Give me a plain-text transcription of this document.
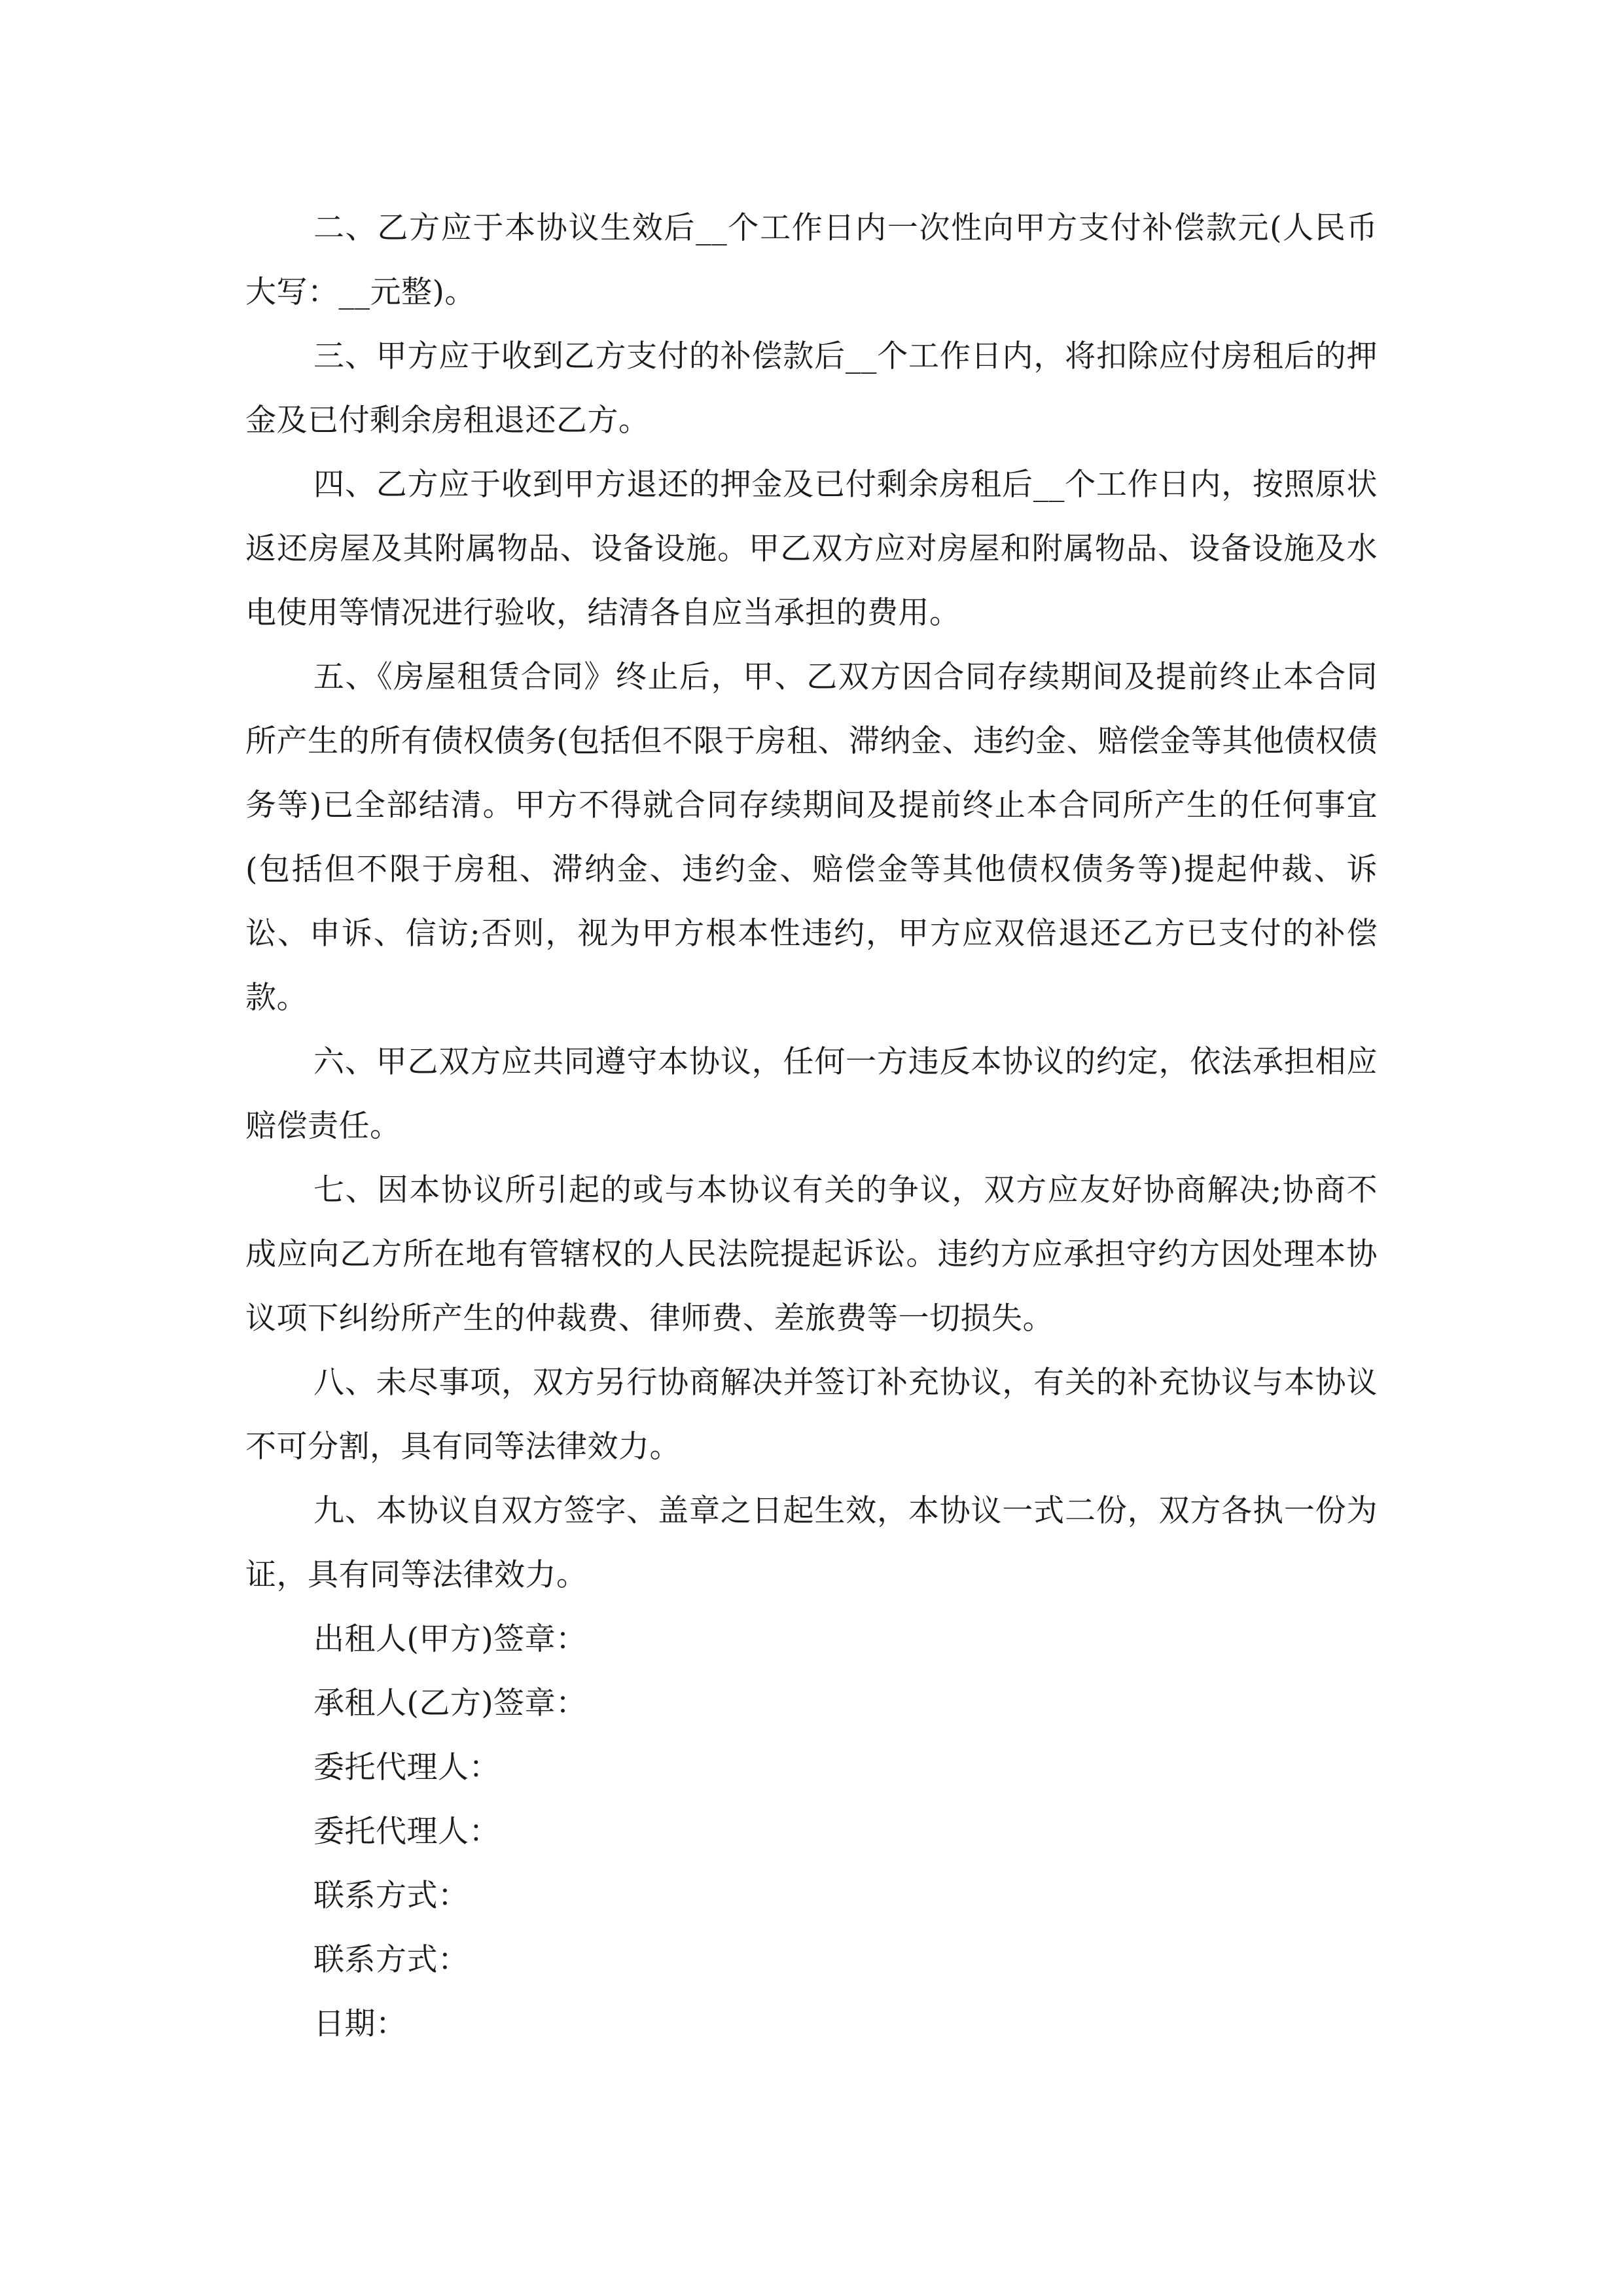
二、乙方应于本协议生效后__个工作日内一次性向甲方支付补偿款元(人民币大写：__元整)。

三、甲方应于收到乙方支付的补偿款后__个工作日内，将扣除应付房租后的押金及已付剩余房租退还乙方。

四、乙方应于收到甲方退还的押金及已付剩余房租后__个工作日内，按照原状返还房屋及其附属物品、设备设施。甲乙双方应对房屋和附属物品、设备设施及水电使用等情况进行验收，结清各自应当承担的费用。

五、《房屋租赁合同》终止后，甲、乙双方因合同存续期间及提前终止本合同所产生的所有债权债务(包括但不限于房租、滞纳金、违约金、赔偿金等其他债权债务等)已全部结清。甲方不得就合同存续期间及提前终止本合同所产生的任何事宜(包括但不限于房租、滞纳金、违约金、赔偿金等其他债权债务等)提起仲裁、诉讼、申诉、信访;否则，视为甲方根本性违约，甲方应双倍退还乙方已支付的补偿款。

六、甲乙双方应共同遵守本协议，任何一方违反本协议的约定，依法承担相应赔偿责任。

七、因本协议所引起的或与本协议有关的争议，双方应友好协商解决;协商不成应向乙方所在地有管辖权的人民法院提起诉讼。违约方应承担守约方因处理本协议项下纠纷所产生的仲裁费、律师费、差旅费等一切损失。

八、未尽事项，双方另行协商解决并签订补充协议，有关的补充协议与本协议不可分割，具有同等法律效力。

九、本协议自双方签字、盖章之日起生效，本协议一式二份，双方各执一份为证，具有同等法律效力。

出租人(甲方)签章：

承租人(乙方)签章：

委托代理人：

委托代理人：

联系方式：

联系方式：

日期：
